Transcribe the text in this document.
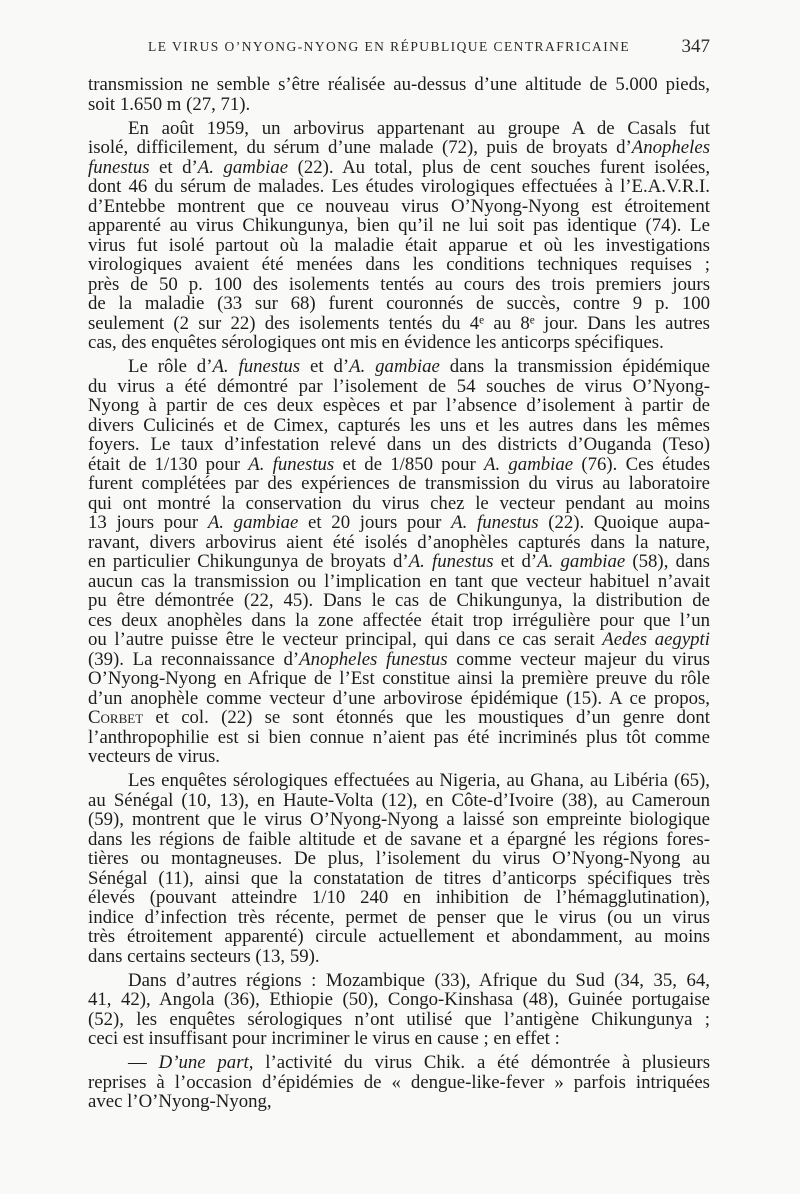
LE VIRUS O’NYONG-NYONG EN RÉPUBLIQUE CENTRAFRICAINE	347
transmission ne semble s’être réalisée au-dessus d’une altitude de 5.000 pieds,
soit 1.650 m (27, 71).
En août 1959, un arbovirus appartenant au groupe A de Casals fut
isolé, difficilement, du sérum d’une malade (72), puis de broyats d’Anopheles
funestus et d’A. gambiae (22). Au total, plus de cent souches furent isolées,
dont 46 du sérum de malades. Les études virologiques effectuées à l’E.A.V.R.I.
d’Entebbe montrent que ce nouveau virus O’Nyong-Nyong est étroitement
apparenté au virus Chikungunya, bien qu’il ne lui soit pas identique (74). Le
virus fut isolé partout où la maladie était apparue et où les investigations
virologiques avaient été menées dans les conditions techniques requises ;
près de 50 p. 100 des isolements tentés au cours des trois premiers jours
de la maladie (33 sur 68) furent couronnés de succès, contre 9 p. 100
seulement (2 sur 22) des isolements tentés du 4e au 8e jour. Dans les autres
cas, des enquêtes sérologiques ont mis en évidence les anticorps spécifiques.
Le rôle d’A. funestus et d’A. gambiae dans la transmission épidémique
du virus a été démontré par l’isolement de 54 souches de virus O’Nyong-
Nyong à partir de ces deux espèces et par l’absence d’isolement à partir de
divers Culicinés et de Cimex, capturés les uns et les autres dans les mêmes
foyers. Le taux d’infestation relevé dans un des districts d’Ouganda (Teso)
était de 1/130 pour A. funestus et de 1/850 pour A. gambiae (76). Ces études
furent complétées par des expériences de transmission du virus au laboratoire
qui ont montré la conservation du virus chez le vecteur pendant au moins
13 jours pour A. gambiae et 20 jours pour A. funestus (22). Quoique aupa-
ravant, divers arbovirus aient été isolés d’anophèles capturés dans la nature,
en particulier Chikungunya de broyats d’A. funestus et d’A. gambiae (58), dans
aucun cas la transmission ou l’implication en tant que vecteur habituel n’avait
pu être démontrée (22, 45). Dans le cas de Chikungunya, la distribution de
ces deux anophèles dans la zone affectée était trop irrégulière pour que l’un
ou l’autre puisse être le vecteur principal, qui dans ce cas serait Aedes aegypti
(39). La reconnaissance d’Anopheles funestus comme vecteur majeur du virus
O’Nyong-Nyong en Afrique de l’Est constitue ainsi la première preuve du rôle
d’un anophèle comme vecteur d’une arbovirose épidémique (15). A ce propos,
Corbet et col. (22) se sont étonnés que les moustiques d’un genre dont
l’anthropophilie est si bien connue n’aient pas été incriminés plus tôt comme
vecteurs de virus.
Les enquêtes sérologiques effectuées au Nigeria, au Ghana, au Libéria (65),
au Sénégal (10, 13), en Haute-Volta (12), en Côte-d’Ivoire (38), au Cameroun
(59), montrent que le virus O’Nyong-Nyong a laissé son empreinte biologique
dans les régions de faible altitude et de savane et a épargné les régions fores-
tières ou montagneuses. De plus, l’isolement du virus O’Nyong-Nyong au
Sénégal (11), ainsi que la constatation de titres d’anticorps spécifiques très
élevés (pouvant atteindre 1/10 240 en inhibition de l’hémagglutination),
indice d’infection très récente, permet de penser que le virus (ou un virus
très étroitement apparenté) circule actuellement et abondamment, au moins
dans certains secteurs (13, 59).
Dans d’autres régions : Mozambique (33), Afrique du Sud (34, 35, 64,
41, 42), Angola (36), Ethiopie (50), Congo-Kinshasa (48), Guinée portugaise
(52), les enquêtes sérologiques n’ont utilisé que l’antigène Chikungunya ;
ceci est insuffisant pour incriminer le virus en cause ; en effet :
— D’une part, l’activité du virus Chik. a été démontrée à plusieurs
reprises à l’occasion d’épidémies de « dengue-like-fever » parfois intriquées
avec l’O’Nyong-Nyong,
